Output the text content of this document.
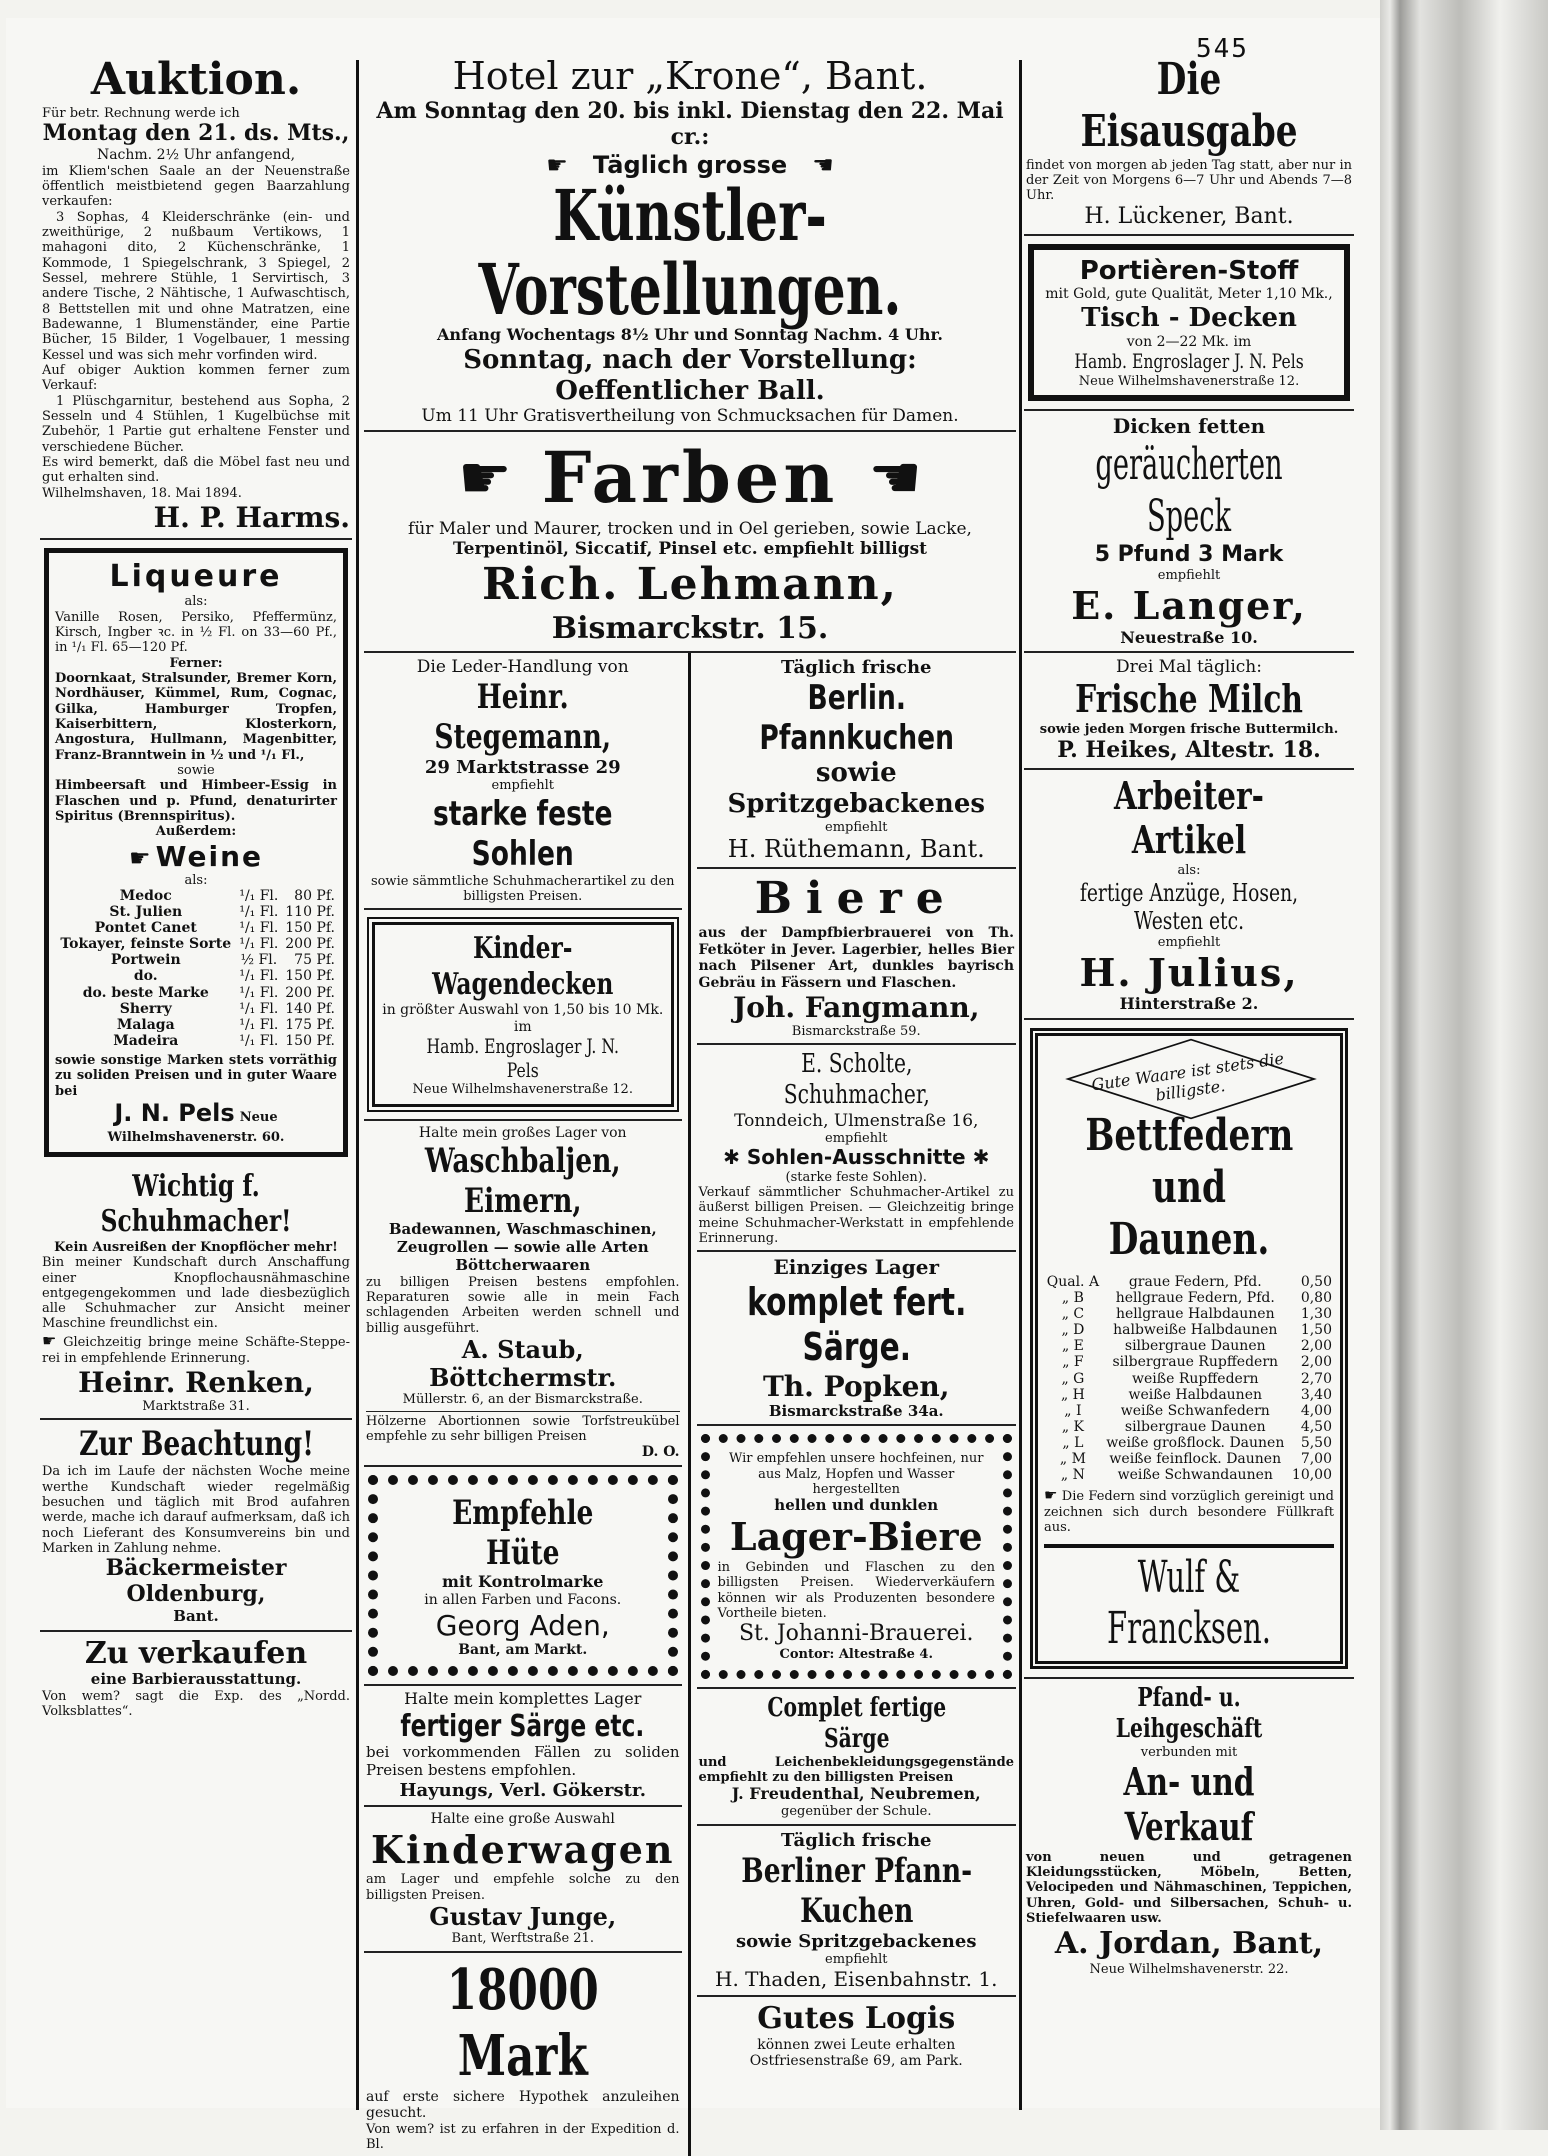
545
Auktion.
Für betr. Rechnung werde ich
Montag den 21. ds. Mts.,
Nachm. 2½ Uhr anfangend,
im Kliem'schen Saale an der Neuenstraße öffentlich meistbietend gegen Baarzahlung verkaufen:
3 Sophas, 4 Kleiderschränke (ein- und zweithürige, 2 nußbaum Vertikows, 1 mahagoni dito, 2 Küchenschränke, 1 Kommode, 1 Spiegelschrank, 3 Spiegel, 2 Sessel, mehrere Stühle, 1 Servirtisch, 3 andere Tische, 2 Nähtische, 1 Aufwaschtisch, 8 Bettstellen mit und ohne Matratzen, eine Badewanne, 1 Blumenständer, eine Partie Bücher, 15 Bilder, 1 Vogelbauer, 1 messing Kessel und was sich mehr vorfinden wird.
Auf obiger Auktion kommen ferner zum Verkauf:
1 Plüschgarnitur, bestehend aus Sopha, 2 Sesseln und 4 Stühlen, 1 Kugelbüchse mit Zubehör, 1 Partie gut erhaltene Fenster und verschiedene Bücher.
Es wird bemerkt, daß die Möbel fast neu und gut erhalten sind.
Wilhelmshaven, 18. Mai 1894.
H. P. Harms.
Liqueure
als:
Vanille Rosen, Persiko, Pfeffermünz, Kirsch, Ingber ꝛc. in ½ Fl. on 33—60 Pf., in ¹/₁ Fl. 65—120 Pf.
Ferner:
Doornkaat, Stralsunder, Bremer Korn, Nordhäuser, Kümmel, Rum, Cognac, Gilka, Hamburger Tropfen, Kaiserbittern, Klosterkorn, Angostura, Hullmann, Magenbitter, Franz-Branntwein in ½ und ¹/₁ Fl.,
sowie
Himbeersaft und Himbeer-Essig in Flaschen und p. Pfund, denaturirter Spiritus (Brennspiritus).
Außerdem:
☛ Weine
als:
Medoc	¹/₁ Fl.	80 Pf.
St. Julien	¹/₁ Fl.	110 Pf.
Pontet Canet	¹/₁ Fl.	150 Pf.
Tokayer, feinste Sorte	¹/₁ Fl.	200 Pf.
Portwein	½ Fl.	75 Pf.
do.	¹/₁ Fl.	150 Pf.
do. beste Marke	¹/₁ Fl.	200 Pf.
Sherry	¹/₁ Fl.	140 Pf.
Malaga	¹/₁ Fl.	175 Pf.
Madeira	¹/₁ Fl.	150 Pf.
sowie sonstige Marken stets vorräthig zu soliden Preisen und in guter Waare bei
J. N. Pels Neue Wilhelmshavenerstr. 60.
Wichtig f. Schuhmacher!
Kein Ausreißen der Knopflöcher mehr!
Bin meiner Kundschaft durch Anschaffung einer Knopflochausnähmaschine entgegengekommen und lade diesbezüglich alle Schuhmacher zur Ansicht meiner Maschine freundlichst ein.
☛ Gleichzeitig bringe meine Schäfte-Stepperei in empfehlende Erinnerung.
Heinr. Renken,
Marktstraße 31.
Zur Beachtung!
Da ich im Laufe der nächsten Woche meine werthe Kundschaft wieder regelmäßig besuchen und täglich mit Brod aufahren werde, mache ich darauf aufmerksam, daß ich noch Lieferant des Konsumvereins bin und Marken in Zahlung nehme.
Bäckermeister Oldenburg,
Bant.
Zu verkaufen
eine Barbierausstattung.
Von wem? sagt die Exp. des „Nordd. Volksblattes“.
Hotel zur „Krone“, Bant.
Am Sonntag den 20. bis inkl. Dienstag den 22. Mai cr.:
☛ Täglich grosse ☚
Künstler-Vorstellungen.
Anfang Wochentags 8½ Uhr und Sonntag Nachm. 4 Uhr.
Sonntag, nach der Vorstellung: Oeffentlicher Ball.
Um 11 Uhr Gratisvertheilung von Schmucksachen für Damen.
☛ Farben ☚
für Maler und Maurer, trocken und in Oel gerieben, sowie Lacke,
Terpentinöl, Siccatif, Pinsel etc. empfiehlt billigst
Rich. Lehmann,
Bismarckstr. 15.
Die Leder-Handlung von
Heinr. Stegemann,
29 Marktstrasse 29
empfiehlt
starke feste Sohlen
sowie sämmtliche Schuhmacherartikel zu den billigsten Preisen.
Kinder-Wagendecken
in größter Auswahl von 1,50 bis 10 Mk. im
Hamb. Engroslager J. N. Pels
Neue Wilhelmshavenerstraße 12.
Halte mein großes Lager von
Waschbaljen, Eimern,
Badewannen, Waschmaschinen, Zeugrollen — sowie alle Arten Böttcherwaaren
zu billigen Preisen bestens empfohlen. Reparaturen sowie alle in mein Fach schlagenden Arbeiten werden schnell und billig ausgeführt.
A. Staub, Böttchermstr.
Müllerstr. 6, an der Bismarckstraße.
Hölzerne Abortionnen sowie Torfstreukübel empfehle zu sehr billigen Preisen
D. O.
Empfehle Hüte
mit Kontrolmarke
in allen Farben und Facons.
Georg Aden,
Bant, am Markt.
Halte mein komplettes Lager
fertiger Särge etc.
bei vorkommenden Fällen zu soliden Preisen bestens empfohlen.
Hayungs, Verl. Gökerstr.
Halte eine große Auswahl
Kinderwagen
am Lager und empfehle solche zu den billigsten Preisen.
Gustav Junge,
Bant, Werftstraße 21.
18000 Mark
auf erste sichere Hypothek anzuleihen gesucht.
Von wem? ist zu erfahren in der Expedition d. Bl.
Täglich frische
Berlin. Pfannkuchen
sowie Spritzgebackenes
empfiehlt
H. Rüthemann, Bant.
Biere
aus der Dampfbierbrauerei von Th. Fetköter in Jever. Lagerbier, helles Bier nach Pilsener Art, dunkles bayrisch Gebräu in Fässern und Flaschen.
Joh. Fangmann,
Bismarckstraße 59.
E. Scholte, Schuhmacher,
Tonndeich, Ulmenstraße 16,
empfiehlt
✱ Sohlen-Ausschnitte ✱
(starke feste Sohlen).
Verkauf sämmtlicher Schuhmacher-Artikel zu äußerst billigen Preisen. — Gleichzeitig bringe meine Schuhmacher-Werkstatt in empfehlende Erinnerung.
Einziges Lager
komplet fert. Särge.
Th. Popken,
Bismarckstraße 34a.
Wir empfehlen unsere hochfeinen, nur aus Malz, Hopfen und Wasser hergestellten
hellen und dunklen
Lager-Biere
in Gebinden und Flaschen zu den billigsten Preisen. Wiederverkäufern können wir als Produzenten besondere Vortheile bieten.
St. Johanni-Brauerei.
Contor: Altestraße 4.
Complet fertige Särge
und Leichenbekleidungsgegenstände empfiehlt zu den billigsten Preisen
J. Freudenthal, Neubremen,
gegenüber der Schule.
Täglich frische
Berliner Pfann-Kuchen
sowie Spritzgebackenes
empfiehlt
H. Thaden, Eisenbahnstr. 1.
Gutes Logis
können zwei Leute erhalten
Ostfriesenstraße 69, am Park.
Die Eisausgabe
findet von morgen ab jeden Tag statt, aber nur in der Zeit von Morgens 6—7 Uhr und Abends 7—8 Uhr.
H. Lückener, Bant.
Portièren-Stoff
mit Gold, gute Qualität, Meter 1,10 Mk.,
Tisch - Decken
von 2—22 Mk. im
Hamb. Engroslager J. N. Pels
Neue Wilhelmshavenerstraße 12.
Dicken fetten
geräucherten Speck
5 Pfund 3 Mark
empfiehlt
E. Langer,
Neuestraße 10.
Drei Mal täglich:
Frische Milch
sowie jeden Morgen frische Buttermilch.
P. Heikes, Altestr. 18.
Arbeiter-Artikel
als:
fertige Anzüge, Hosen, Westen etc.
empfiehlt
H. Julius,
Hinterstraße 2.
Gute Waare ist stets die billigste.
Bettfedern
und Daunen.
Qual. A	graue Federn, Pfd.	0,50
„ B	hellgraue Federn, Pfd.	0,80
„ C	hellgraue Halbdaunen	1,30
„ D	halbweiße Halbdaunen	1,50
„ E	silbergraue Daunen	2,00
„ F	silbergraue Rupffedern	2,00
„ G	weiße Rupffedern	2,70
„ H	weiße Halbdaunen	3,40
„ I	weiße Schwanfedern	4,00
„ K	silbergraue Daunen	4,50
„ L	weiße großflock. Daunen	5,50
„ M	weiße feinflock. Daunen	7,00
„ N	weiße Schwandaunen	10,00
☛ Die Federn sind vorzüglich gereinigt und zeichnen sich durch besondere Füllkraft aus.
Wulf & Francksen.
Pfand- u. Leihgeschäft
verbunden mit
An- und Verkauf
von neuen und getragenen Kleidungsstücken, Möbeln, Betten, Velocipeden und Nähmaschinen, Teppichen, Uhren, Gold- und Silbersachen, Schuh- u. Stiefelwaaren usw.
A. Jordan, Bant,
Neue Wilhelmshavenerstr. 22.
